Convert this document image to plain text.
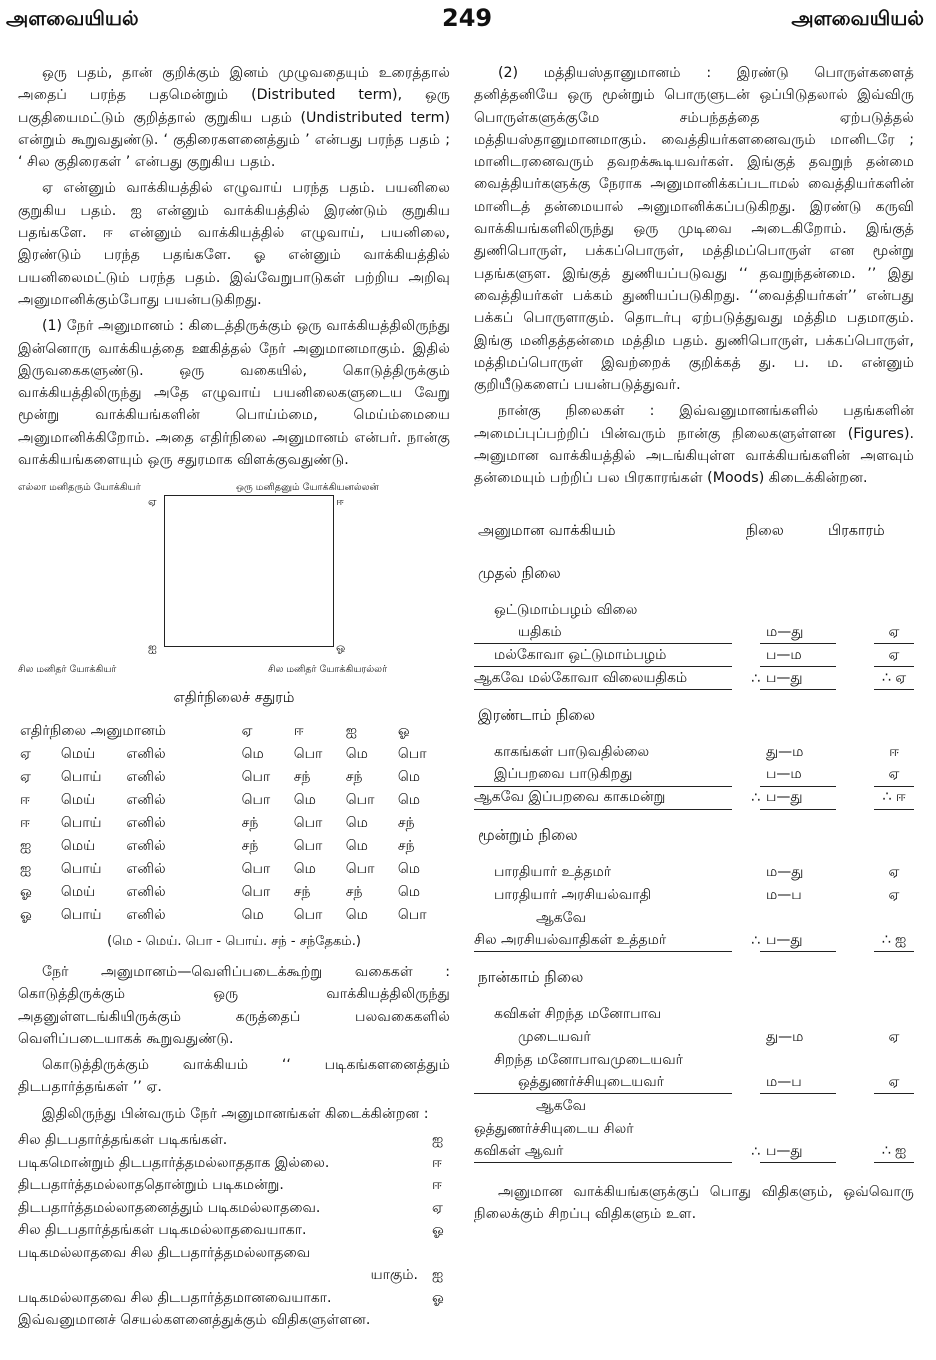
அளவையியல்	249	அளவையியல்

ஒரு பதம், தான் குறிக்கும் இனம் முழுவதையும் உரைத்தால் அதைப் பரந்த பதமென்றும் (Distributed term), ஒரு பகுதியைமட்டும் குறித்தால் குறுகிய பதம் (Undistributed term) என்றும் கூறுவதுண்டு. ‘ குதிரைகளனைத்தும் ’ என்பது பரந்த பதம் ; ‘ சில குதிரைகள் ’ என்பது குறுகிய பதம்.

ஏ என்னும் வாக்கியத்தில் எழுவாய் பரந்த பதம். பயனிலை குறுகிய பதம். ஐ என்னும் வாக்கியத்தில் இரண்டும் குறுகிய பதங்களே. ஈ என்னும் வாக்கியத்தில் எழுவாய், பயனிலை, இரண்டும் பரந்த பதங்களே. ஓ என்னும் வாக்கியத்தில் பயனிலைமட்டும் பரந்த பதம். இவ்வேறுபாடுகள் பற்றிய அறிவு அனுமானிக்கும்போது பயன்படுகிறது.

(1) நேர் அனுமானம் : கிடைத்திருக்கும் ஒரு வாக்கியத்திலிருந்து இன்னொரு வாக்கியத்தை ஊகித்தல் நேர் அனுமானமாகும். இதில் இருவகைகளுண்டு. ஒரு வகையில், கொடுத்திருக்கும் வாக்கியத்திலிருந்து அதே எழுவாய் பயனிலைகளுடைய வேறு மூன்று வாக்கியங்களின் பொய்ம்மை, மெய்ம்மையை அனுமானிக்கிறோம். அதை எதிர்நிலை அனுமானம் என்பர். நான்கு வாக்கியங்களையும் ஒரு சதுரமாக விளக்குவதுண்டு.

எல்லா மனிதரும் யோக்கியர்	ஒரு மனிதனும் யோக்கியனல்லன்
ஏ	ஈ
ஐ	ஓ
சில மனிதர் யோக்கியர்	சில மனிதர் யோக்கியரல்லர்
எதிர்நிலைச் சதுரம்
எதிர்நிலை அனுமானம்			ஏ	ஈ	ஐ	ஓ
ஏ	மெய்	எனில்	மெ	பொ	மெ	பொ
ஏ	பொய்	எனில்	பொ	சந்	சந்	மெ
ஈ	மெய்	எனில்	பொ	மெ	பொ	மெ
ஈ	பொய்	எனில்	சந்	பொ	மெ	சந்
ஐ	மெய்	எனில்	சந்	பொ	மெ	சந்
ஐ	பொய்	எனில்	பொ	மெ	பொ	மெ
ஓ	மெய்	எனில்	பொ	சந்	சந்	மெ
ஓ	பொய்	எனில்	மெ	பொ	மெ	பொ
(மெ - மெய். பொ - பொய். சந் - சந்தேகம்.)

நேர் அனுமானம்—வெளிப்படைக்கூற்று வகைகள் : கொடுத்திருக்கும் ஒரு வாக்கியத்திலிருந்து அதனுள்ளடங்கியிருக்கும் கருத்தைப் பலவகைகளில் வெளிப்படையாகக் கூறுவதுண்டு.

கொடுத்திருக்கும் வாக்கியம் ‘‘ படிகங்களனைத்தும் திடபதார்த்தங்கள் ’’ ஏ.

இதிலிருந்து பின்வரும் நேர் அனுமானங்கள் கிடைக்கின்றன :

சில திடபதார்த்தங்கள் படிகங்கள்.	ஐ
படிகமொன்றும் திடபதார்த்தமல்லாததாக இல்லை.	ஈ
திடபதார்த்தமல்லாததொன்றும் படிகமன்று.	ஈ
திடபதார்த்தமல்லாதனைத்தும் படிகமல்லாதவை.	ஏ
சில திடபதார்த்தங்கள் படிகமல்லாதவையாகா.	ஓ
படிகமல்லாதவை சில திடபதார்த்தமல்லாதவை
யாகும்.	ஐ
படிகமல்லாதவை சில திடபதார்த்தமானவையாகா.	ஓ

இவ்வனுமானச் செயல்களனைத்துக்கும் விதிகளுள்ளன.

(2) மத்தியஸ்தானுமானம் : இரண்டு பொருள்களைத் தனித்தனியே ஒரு மூன்றும் பொருளுடன் ஒப்பிடுதலால் இவ்விரு பொருள்களுக்குமே சம்பந்தத்தை ஏற்படுத்தல் மத்தியஸ்தானுமானமாகும். வைத்தியர்களனைவரும் மானிடரே ; மானிடரனைவரும் தவறக்கூடியவர்கள். இங்குத் தவறுந் தன்மை வைத்தியர்களுக்கு நேராக அனுமானிக்கப்படாமல் வைத்தியர்களின் மானிடத் தன்மையால் அனுமானிக்கப்படுகிறது. இரண்டு கருவி வாக்கியங்களிலிருந்து ஒரு முடிவை அடைகிறோம். இங்குத் துணிபொருள், பக்கப்பொருள், மத்திமப்பொருள் என மூன்று பதங்களுள. இங்குத் துணியப்படுவது ‘‘ தவறுந்தன்மை. ’’ இது வைத்தியர்கள் பக்கம் துணியப்படுகிறது. ‘‘வைத்தியர்கள்’’ என்பது பக்கப் பொருளாகும். தொடர்பு ஏற்படுத்துவது மத்திம பதமாகும். இங்கு மனிதத்தன்மை மத்திம பதம். துணிபொருள், பக்கப்பொருள், மத்திமப்பொருள் இவற்றைக் குறிக்கத் து. ப. ம. என்னும் குறியீடுகளைப் பயன்படுத்துவர்.

நான்கு நிலைகள் : இவ்வனுமானங்களில் பதங்களின் அமைப்புப்பற்றிப் பின்வரும் நான்கு நிலைகளுள்ளன (Figures). அனுமான வாக்கியத்தில் அடங்கியுள்ள வாக்கியங்களின் அளவும் தன்மையும் பற்றிப் பல பிரகாரங்கள் (Moods) கிடைக்கின்றன.

அனுமான வாக்கியம்	நிலை	பிரகாரம்
முதல் நிலை
ஒட்டுமாம்பழம் விலை
யதிகம்	ம—து	ஏ
மல்கோவா ஒட்டுமாம்பழம்	ப—ம	ஏ
ஆகவே மல்கோவா விலையதிகம்	∴ ப—து	∴ ஏ
இரண்டாம் நிலை
காகங்கள் பாடுவதில்லை	து—ம	ஈ
இப்பறவை பாடுகிறது	ப—ம	ஏ
ஆகவே இப்பறவை காகமன்று	∴ ப—து	∴ ஈ
மூன்றும் நிலை
பாரதியார் உத்தமர்	ம—து	ஏ
பாரதியார் அரசியல்வாதி	ம—ப	ஏ
ஆகவே
சில அரசியல்வாதிகள் உத்தமர்	∴ ப—து	∴ ஐ
நான்காம் நிலை
கவிகள் சிறந்த மனோபாவ
முடையவர்	து—ம	ஏ
சிறந்த மனோபாவமுடையவர்
ஒத்துணர்ச்சியுடையவர்	ம—ப	ஏ
ஆகவே
ஒத்துணர்ச்சியுடைய சிலர்
கவிகள் ஆவர்	∴ ப—து	∴ ஐ

அனுமான வாக்கியங்களுக்குப் பொது விதிகளும், ஒவ்வொரு நிலைக்கும் சிறப்பு விதிகளும் உள.
